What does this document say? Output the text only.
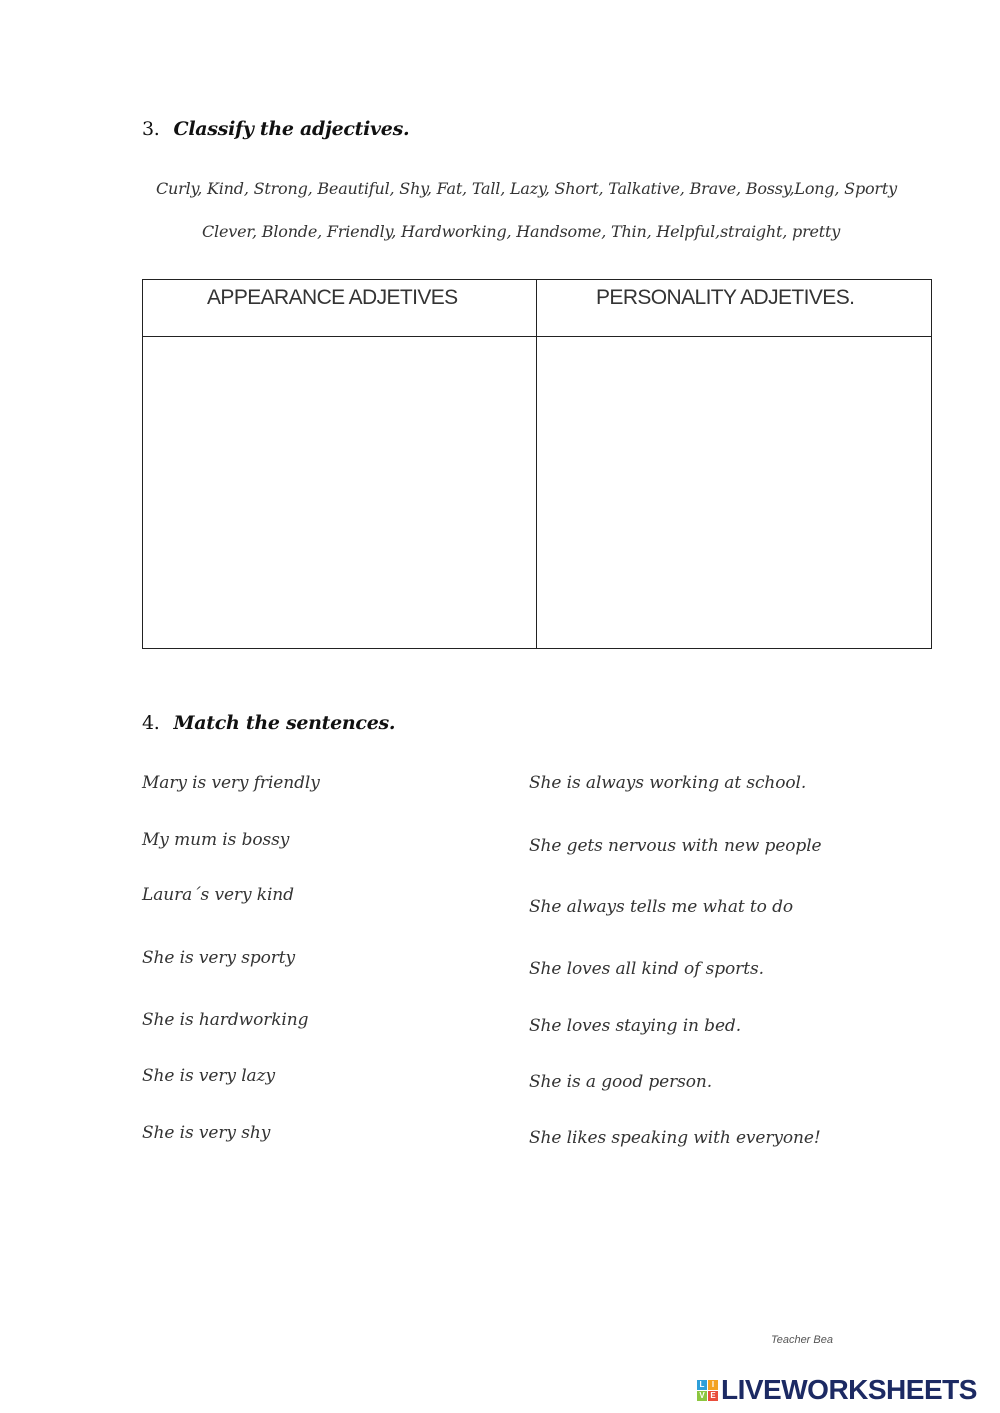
3. Classify the adjectives.
Curly, Kind, Strong, Beautiful, Shy, Fat, Tall, Lazy, Short, Talkative, Brave, Bossy,Long, Sporty
Clever, Blonde, Friendly, Hardworking, Handsome, Thin, Helpful,straight, pretty
APPEARANCE ADJETIVES	PERSONALITY ADJETIVES.

4. Match the sentences.
Mary is very friendly
My mum is bossy
Laura´s very kind
She is very sporty
She is hardworking
She is very lazy
She is very shy
She is always working at school.
She gets nervous with new people
She always tells me what to do
She loves all kind of sports.
She loves staying in bed.
She is a good person.
She likes speaking with everyone!
Teacher Bea
L I
V E LIVEWORKSHEETS
